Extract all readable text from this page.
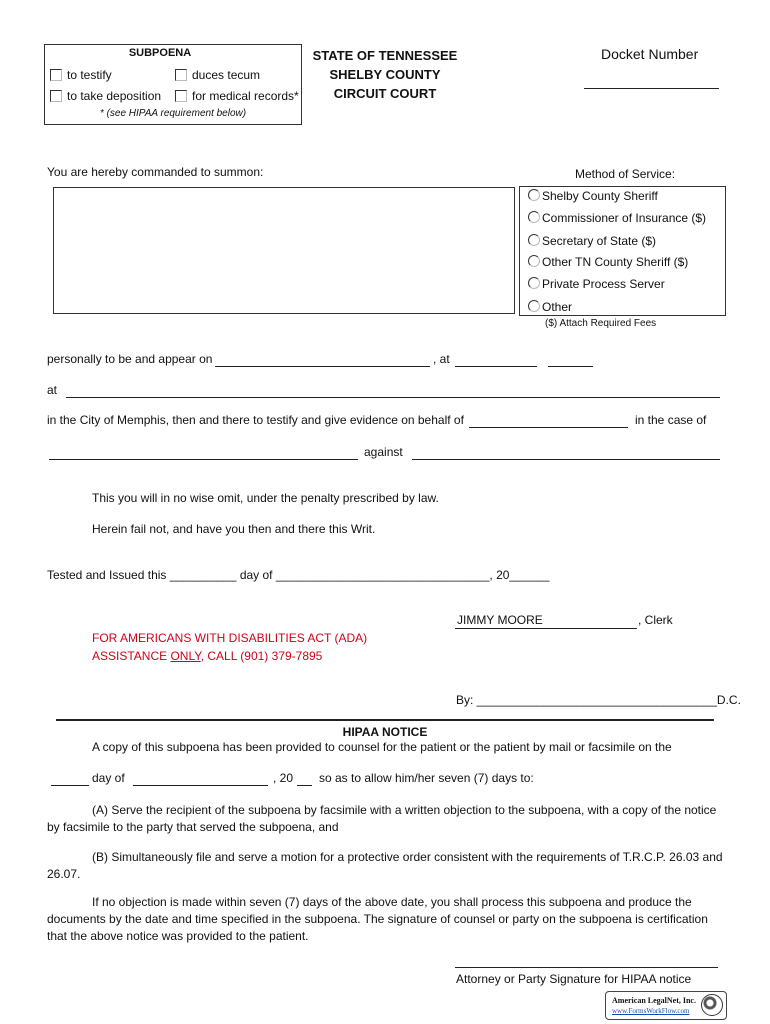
SUBPOENA
to testify	duces tecum
to take deposition	for medical records*
* (see HIPAA requirement below)
STATE OF TENNESSEE
SHELBY COUNTY
CIRCUIT COURT
Docket Number
You are hereby commanded to summon:	Method of Service:
Shelby County Sheriff
Commissioner of Insurance ($)
Secretary of State ($)
Other TN County Sheriff ($)
Private Process Server
Other
($) Attach Required Fees
personally to be and appear on	, at
at
in the City of Memphis, then and there to testify and give evidence on behalf of	in the case of
against
This you will in no wise omit, under the penalty prescribed by law.
Herein fail not, and have you then and there this Writ.
Tested and Issued this __________ day of ________________________________, 20______
JIMMY MOORE	, Clerk
FOR AMERICANS WITH DISABILITIES ACT (ADA)
ASSISTANCE ONLY, CALL (901) 379-7895
By: ____________________________________D.C.
HIPAA NOTICE
A copy of this subpoena has been provided to counsel for the patient or the patient by mail or facsimile on the
day of	, 20 so as to allow him/her seven (7) days to:
(A) Serve the recipient of the subpoena by facsimile with a written objection to the subpoena, with a copy of the notice by facsimile to the party that served the subpoena, and
(B) Simultaneously file and serve a motion for a protective order consistent with the requirements of T.R.C.P. 26.03 and 26.07.
If no objection is made within seven (7) days of the above date, you shall process this subpoena and produce the documents by the date and time specified in the subpoena. The signature of counsel or party on the subpoena is certification that the above notice was provided to the patient.
Attorney or Party Signature for HIPAA notice
American LegalNet, Inc.
www.FormsWorkFlow.com
